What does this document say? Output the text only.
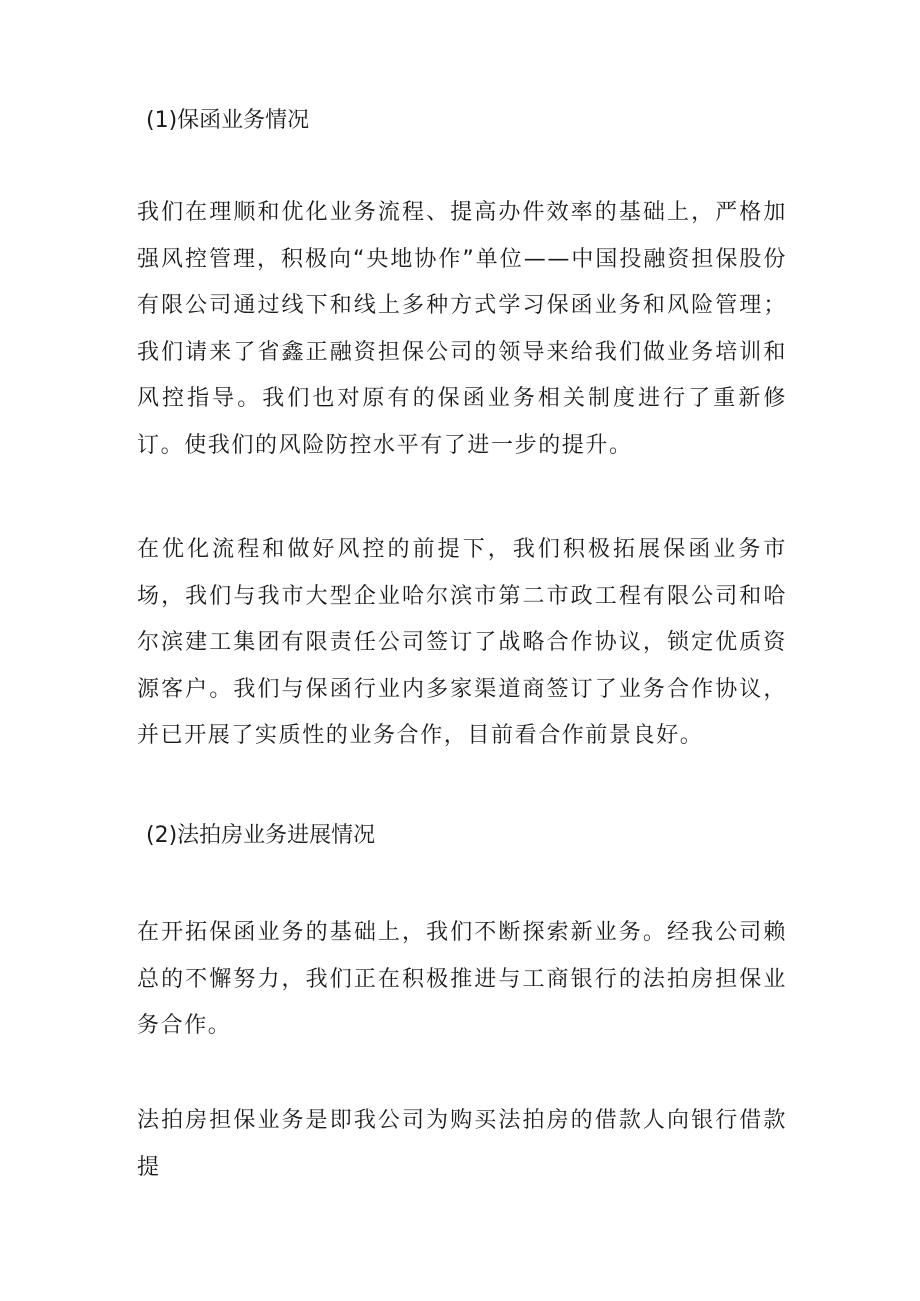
(1)保函业务情况

我们在理顺和优化业务流程、提高办件效率的基础上，严格加强风控管理，积极向“央地协作”单位——中国投融资担保股份有限公司通过线下和线上多种方式学习保函业务和风险管理；我们请来了省鑫正融资担保公司的领导来给我们做业务培训和风控指导。我们也对原有的保函业务相关制度进行了重新修订。使我们的风险防控水平有了进一步的提升。

在优化流程和做好风控的前提下，我们积极拓展保函业务市场，我们与我市大型企业哈尔滨市第二市政工程有限公司和哈尔滨建工集团有限责任公司签订了战略合作协议，锁定优质资源客户。我们与保函行业内多家渠道商签订了业务合作协议，并已开展了实质性的业务合作，目前看合作前景良好。

(2)法拍房业务进展情况

在开拓保函业务的基础上，我们不断探索新业务。经我公司赖总的不懈努力，我们正在积极推进与工商银行的法拍房担保业务合作。

法拍房担保业务是即我公司为购买法拍房的借款人向银行借款提
